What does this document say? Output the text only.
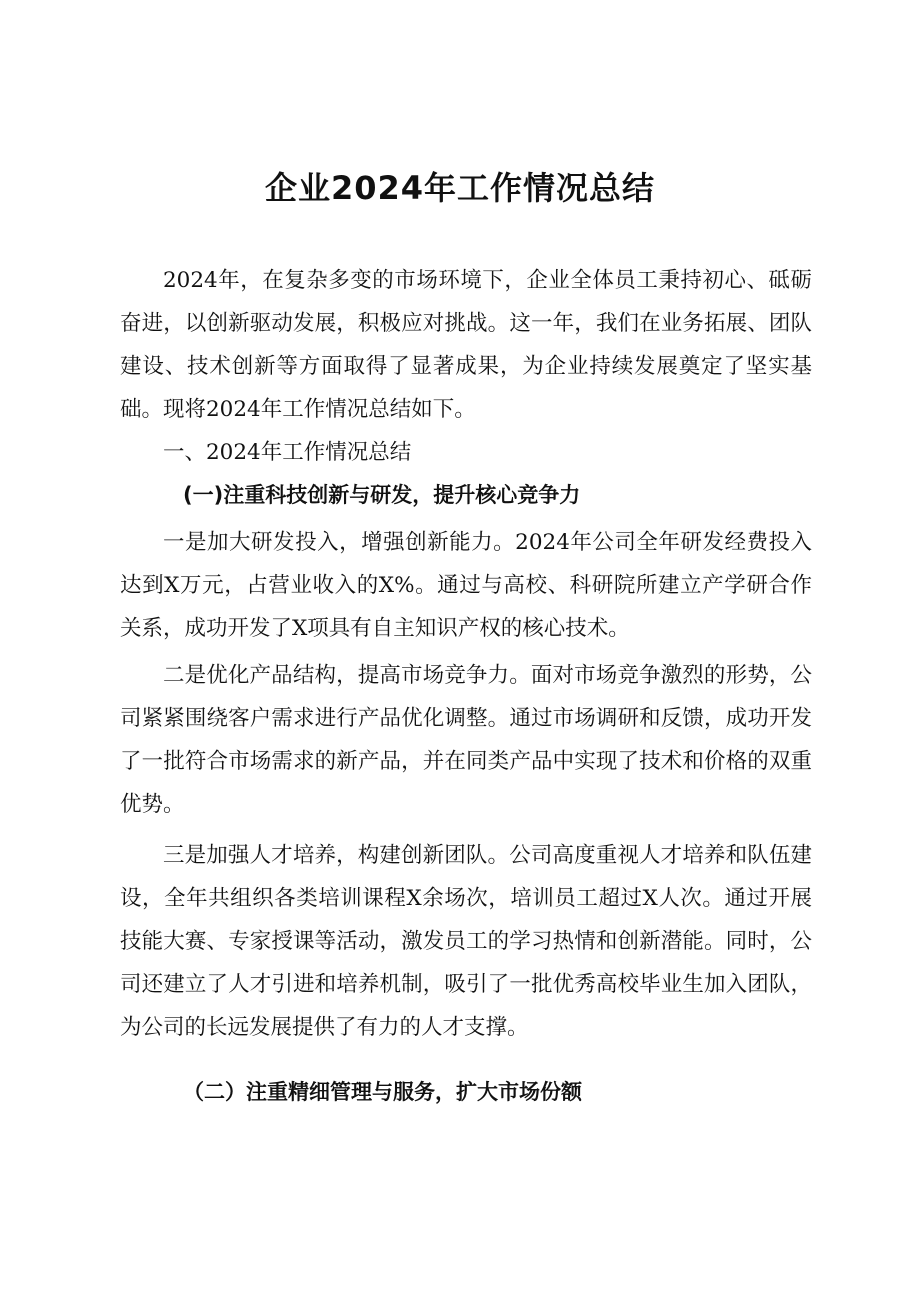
企业2024年工作情况总结

2024年，在复杂多变的市场环境下，企业全体员工秉持初心、砥砺奋进，以创新驱动发展，积极应对挑战。这一年，我们在业务拓展、团队建设、技术创新等方面取得了显著成果，为企业持续发展奠定了坚实基础。现将2024年工作情况总结如下。

一、2024年工作情况总结

(一)注重科技创新与研发，提升核心竞争力

一是加大研发投入，增强创新能力。2024年公司全年研发经费投入达到X万元，占营业收入的X%。通过与高校、科研院所建立产学研合作关系，成功开发了X项具有自主知识产权的核心技术。

二是优化产品结构，提高市场竞争力。面对市场竞争激烈的形势，公司紧紧围绕客户需求进行产品优化调整。通过市场调研和反馈，成功开发了一批符合市场需求的新产品，并在同类产品中实现了技术和价格的双重优势。

三是加强人才培养，构建创新团队。公司高度重视人才培养和队伍建设，全年共组织各类培训课程X余场次，培训员工超过X人次。通过开展技能大赛、专家授课等活动，激发员工的学习热情和创新潜能。同时，公司还建立了人才引进和培养机制，吸引了一批优秀高校毕业生加入团队，为公司的长远发展提供了有力的人才支撑。

（二）注重精细管理与服务，扩大市场份额
